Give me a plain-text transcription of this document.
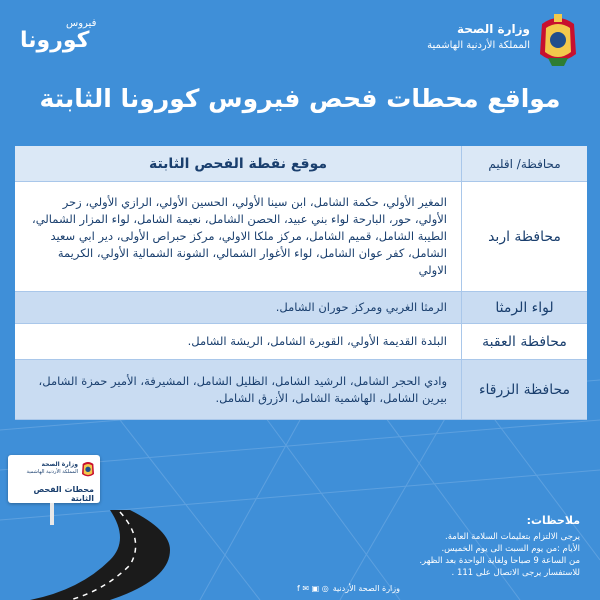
فيروس
كورونا	وزارة الصحة
المملكة الأردنية الهاشمية
مواقع محطات فحص فيروس كورونا الثابتة
محافظة/ اقليم
موقع نقطة الفحص الثابتة
محافظة اربد
المغير الأولي، حكمة الشامل، ابن سينا الأولي، الحسين الأولي، الرازي الأولي، زحر الأولي، حور، البارحة لواء بني عبيد، الحصن الشامل، نعيمة الشامل، لواء المزار الشمالي، الطيبة الشامل، قميم الشامل، مركز ملكا الاولي، مركز حبراص الأولى، دير ابي سعيد الشامل، كفر عوان الشامل، لواء الأغوار الشمالي، الشونة الشمالية الأولي، الكريمة الاولي
لواء الرمثا
الرمثا الغربي ومركز حوران الشامل.
محافظة العقبة
البلدة القديمة الأولي، القويرة الشامل، الريشة الشامل.
محافظة الزرقاء
وادي الحجر الشامل، الرشيد الشامل، الظليل الشامل، المشيرفة، الأمير حمزة الشامل، بيرين الشامل، الهاشمية الشامل، الأزرق الشامل.
وزارة الصحة
المملكة الأردنية الهاشمية
محطات الفحص الثابتة
ملاحظات:
يرجى الالتزام بتعليمات السلامة العامة.
الأيام :من يوم السبت الى يوم الخميس.
من الساعة 9 صباحا ولغاية الواحدة بعد الظهر.
للاستفسار يرجى الاتصال على 111 .
وزارة الصحة الأردنية
◎ ▣ ✉ f
